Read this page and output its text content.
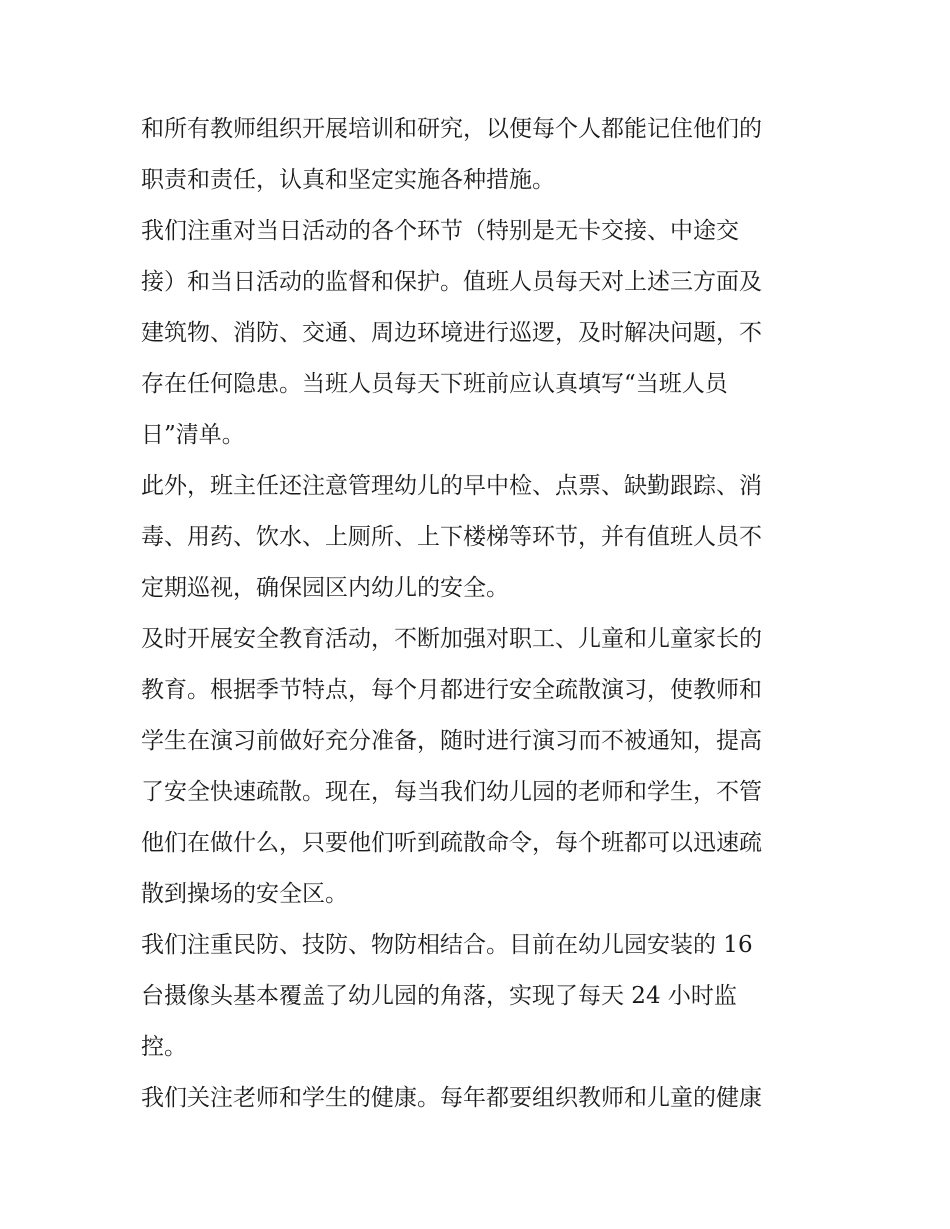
和所有教师组织开展培训和研究，以便每个人都能记住他们的
职责和责任，认真和坚定实施各种措施。
我们注重对当日活动的各个环节（特别是无卡交接、中途交
接）和当日活动的监督和保护。值班人员每天对上述三方面及
建筑物、消防、交通、周边环境进行巡逻，及时解决问题，不
存在任何隐患。当班人员每天下班前应认真填写“当班人员
日”清单。
此外，班主任还注意管理幼儿的早中检、点票、缺勤跟踪、消
毒、用药、饮水、上厕所、上下楼梯等环节，并有值班人员不
定期巡视，确保园区内幼儿的安全。
及时开展安全教育活动，不断加强对职工、儿童和儿童家长的
教育。根据季节特点，每个月都进行安全疏散演习，使教师和
学生在演习前做好充分准备，随时进行演习而不被通知，提高
了安全快速疏散。现在，每当我们幼儿园的老师和学生，不管
他们在做什么，只要他们听到疏散命令，每个班都可以迅速疏
散到操场的安全区。
我们注重民防、技防、物防相结合。目前在幼儿园安装的 16
台摄像头基本覆盖了幼儿园的角落，实现了每天 24 小时监
控。
我们关注老师和学生的健康。每年都要组织教师和儿童的健康
